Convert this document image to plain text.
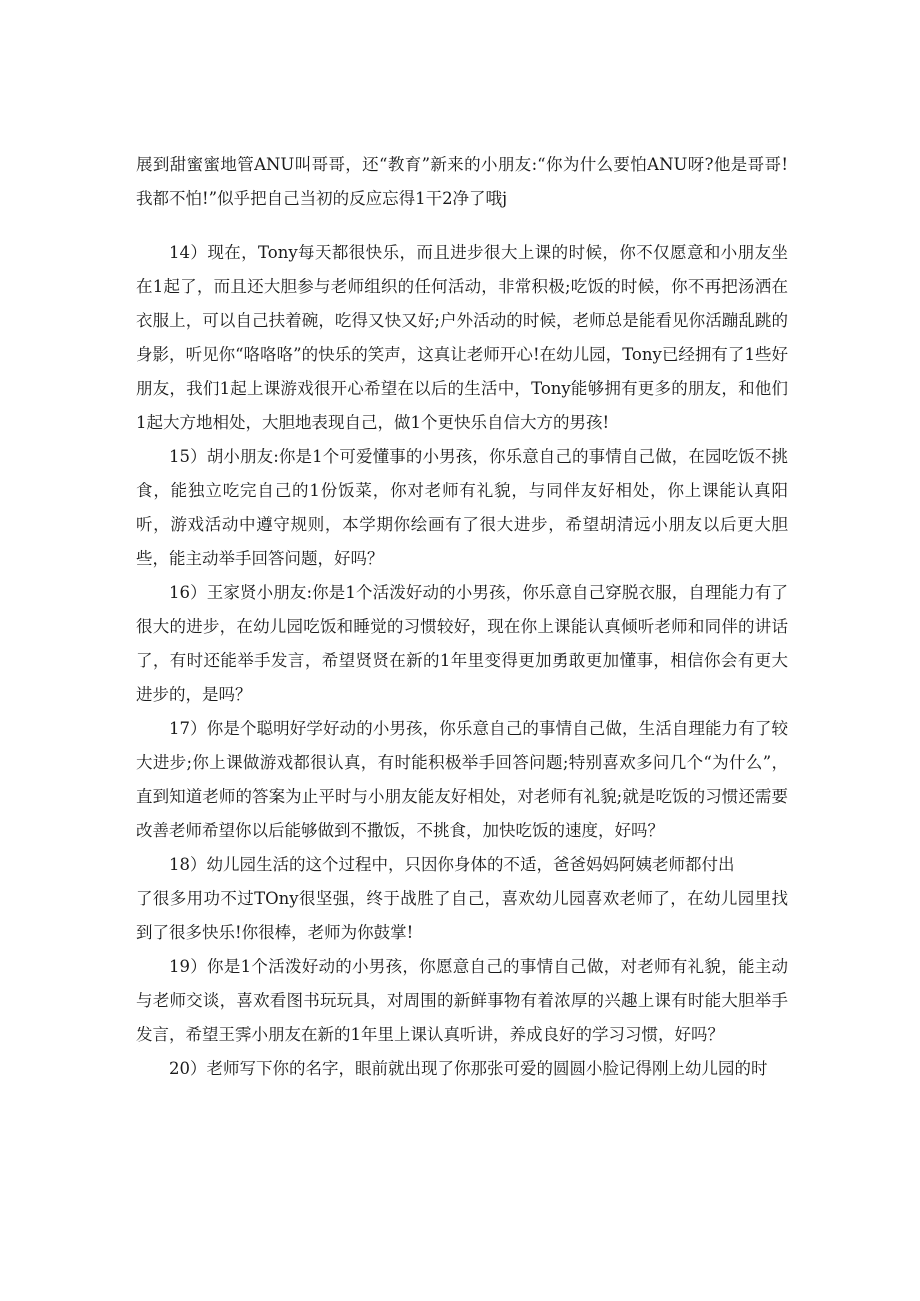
展到甜蜜蜜地管ANU叫哥哥，还“教育”新来的小朋友:“你为什么要怕ANU呀?他是哥哥!我都不怕!”似乎把自己当初的反应忘得1干2净了哦j

14）现在，Tony每天都很快乐，而且进步很大上课的时候，你不仅愿意和小朋友坐在1起了，而且还大胆参与老师组织的任何活动，非常积极;吃饭的时候，你不再把汤洒在衣服上，可以自己扶着碗，吃得又快又好;户外活动的时候，老师总是能看见你活蹦乱跳的身影，听见你“咯咯咯”的快乐的笑声，这真让老师开心!在幼儿园，Tony已经拥有了1些好朋友，我们1起上课游戏很开心希望在以后的生活中，Tony能够拥有更多的朋友，和他们1起大方地相处，大胆地表现自己，做1个更快乐自信大方的男孩!

15）胡小朋友:你是1个可爱懂事的小男孩，你乐意自己的事情自己做，在园吃饭不挑食，能独立吃完自己的1份饭菜，你对老师有礼貌，与同伴友好相处，你上课能认真阳听，游戏活动中遵守规则，本学期你绘画有了很大进步，希望胡清远小朋友以后更大胆些，能主动举手回答问题，好吗？

16）王家贤小朋友:你是1个活泼好动的小男孩，你乐意自己穿脱衣服，自理能力有了很大的进步，在幼儿园吃饭和睡觉的习惯较好，现在你上课能认真倾听老师和同伴的讲话了，有时还能举手发言，希望贤贤在新的1年里变得更加勇敢更加懂事，相信你会有更大进步的，是吗？

17）你是个聪明好学好动的小男孩，你乐意自己的事情自己做，生活自理能力有了较大进步;你上课做游戏都很认真，有时能积极举手回答问题;特别喜欢多问几个“为什么”，直到知道老师的答案为止平时与小朋友能友好相处，对老师有礼貌;就是吃饭的习惯还需要改善老师希望你以后能够做到不撒饭，不挑食，加快吃饭的速度，好吗？

18）幼儿园生活的这个过程中，只因你身体的不适，爸爸妈妈阿姨老师都付出

了很多用功不过TOny很坚强，终于战胜了自己，喜欢幼儿园喜欢老师了，在幼儿园里找到了很多快乐!你很棒，老师为你鼓掌!

19）你是1个活泼好动的小男孩，你愿意自己的事情自己做，对老师有礼貌，能主动与老师交谈，喜欢看图书玩玩具，对周围的新鲜事物有着浓厚的兴趣上课有时能大胆举手发言，希望王霁小朋友在新的1年里上课认真听讲，养成良好的学习习惯，好吗？

20）老师写下你的名字，眼前就出现了你那张可爱的圆圆小脸记得刚上幼儿园的时
